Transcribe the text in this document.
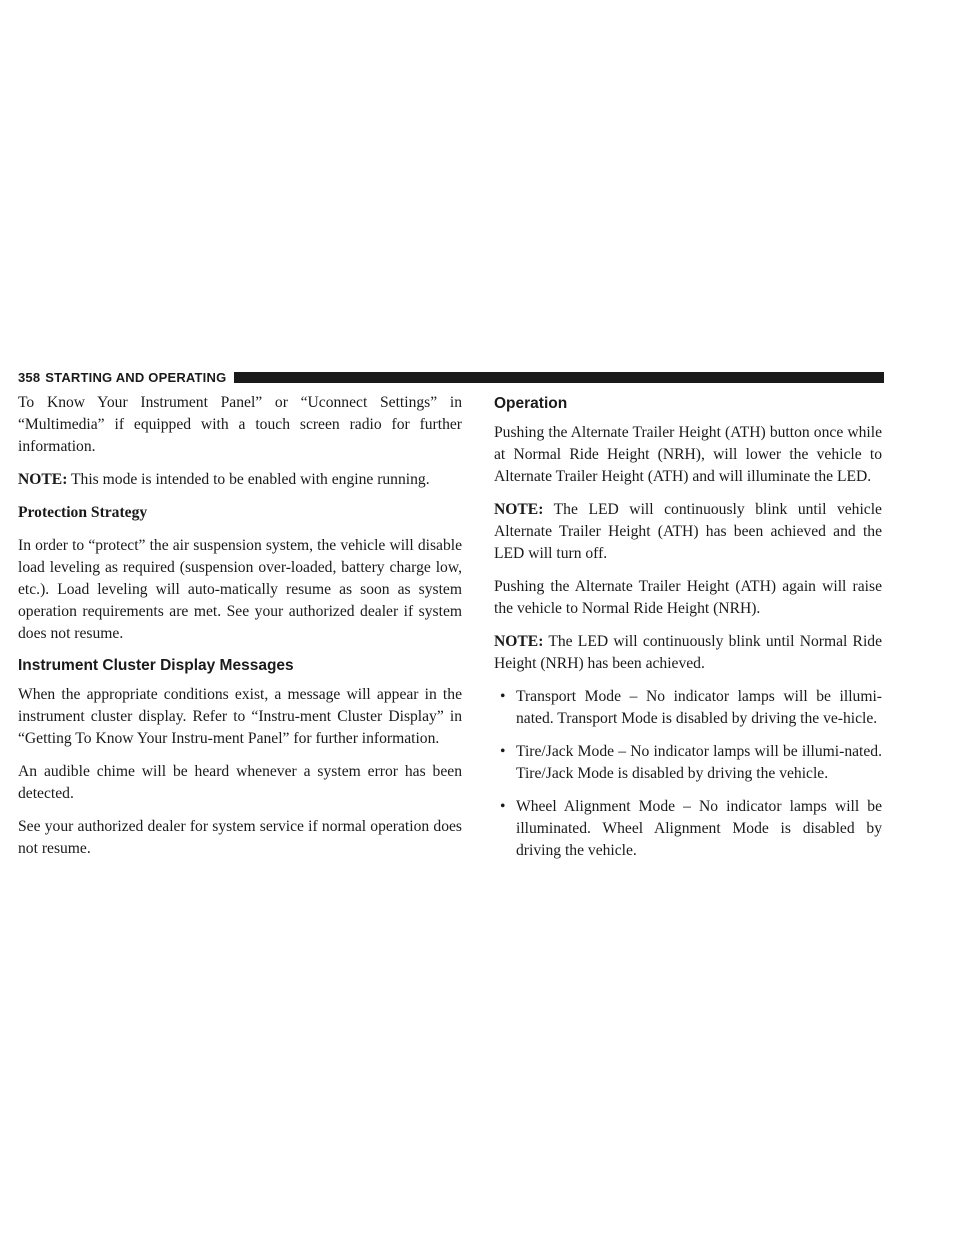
358 STARTING AND OPERATING

To Know Your Instrument Panel” or “Uconnect Settings” in “Multimedia” if equipped with a touch screen radio for further information.

NOTE: This mode is intended to be enabled with engine running.

Protection Strategy

In order to “protect” the air suspension system, the vehicle will disable load leveling as required (suspension over-loaded, battery charge low, etc.). Load leveling will auto-matically resume as soon as system operation requirements are met. See your authorized dealer if system does not resume.

Instrument Cluster Display Messages

When the appropriate conditions exist, a message will appear in the instrument cluster display. Refer to “Instru-ment Cluster Display” in “Getting To Know Your Instru-ment Panel” for further information.

An audible chime will be heard whenever a system error has been detected.

See your authorized dealer for system service if normal operation does not resume.

Operation

Pushing the Alternate Trailer Height (ATH) button once while at Normal Ride Height (NRH), will lower the vehicle to Alternate Trailer Height (ATH) and will illuminate the LED.

NOTE: The LED will continuously blink until vehicle Alternate Trailer Height (ATH) has been achieved and the LED will turn off.

Pushing the Alternate Trailer Height (ATH) again will raise the vehicle to Normal Ride Height (NRH).

NOTE: The LED will continuously blink until Normal Ride Height (NRH) has been achieved.

• Transport Mode – No indicator lamps will be illumi-nated. Transport Mode is disabled by driving the ve-hicle.
• Tire/Jack Mode – No indicator lamps will be illumi-nated. Tire/Jack Mode is disabled by driving the vehicle.
• Wheel Alignment Mode – No indicator lamps will be illuminated. Wheel Alignment Mode is disabled by driving the vehicle.
